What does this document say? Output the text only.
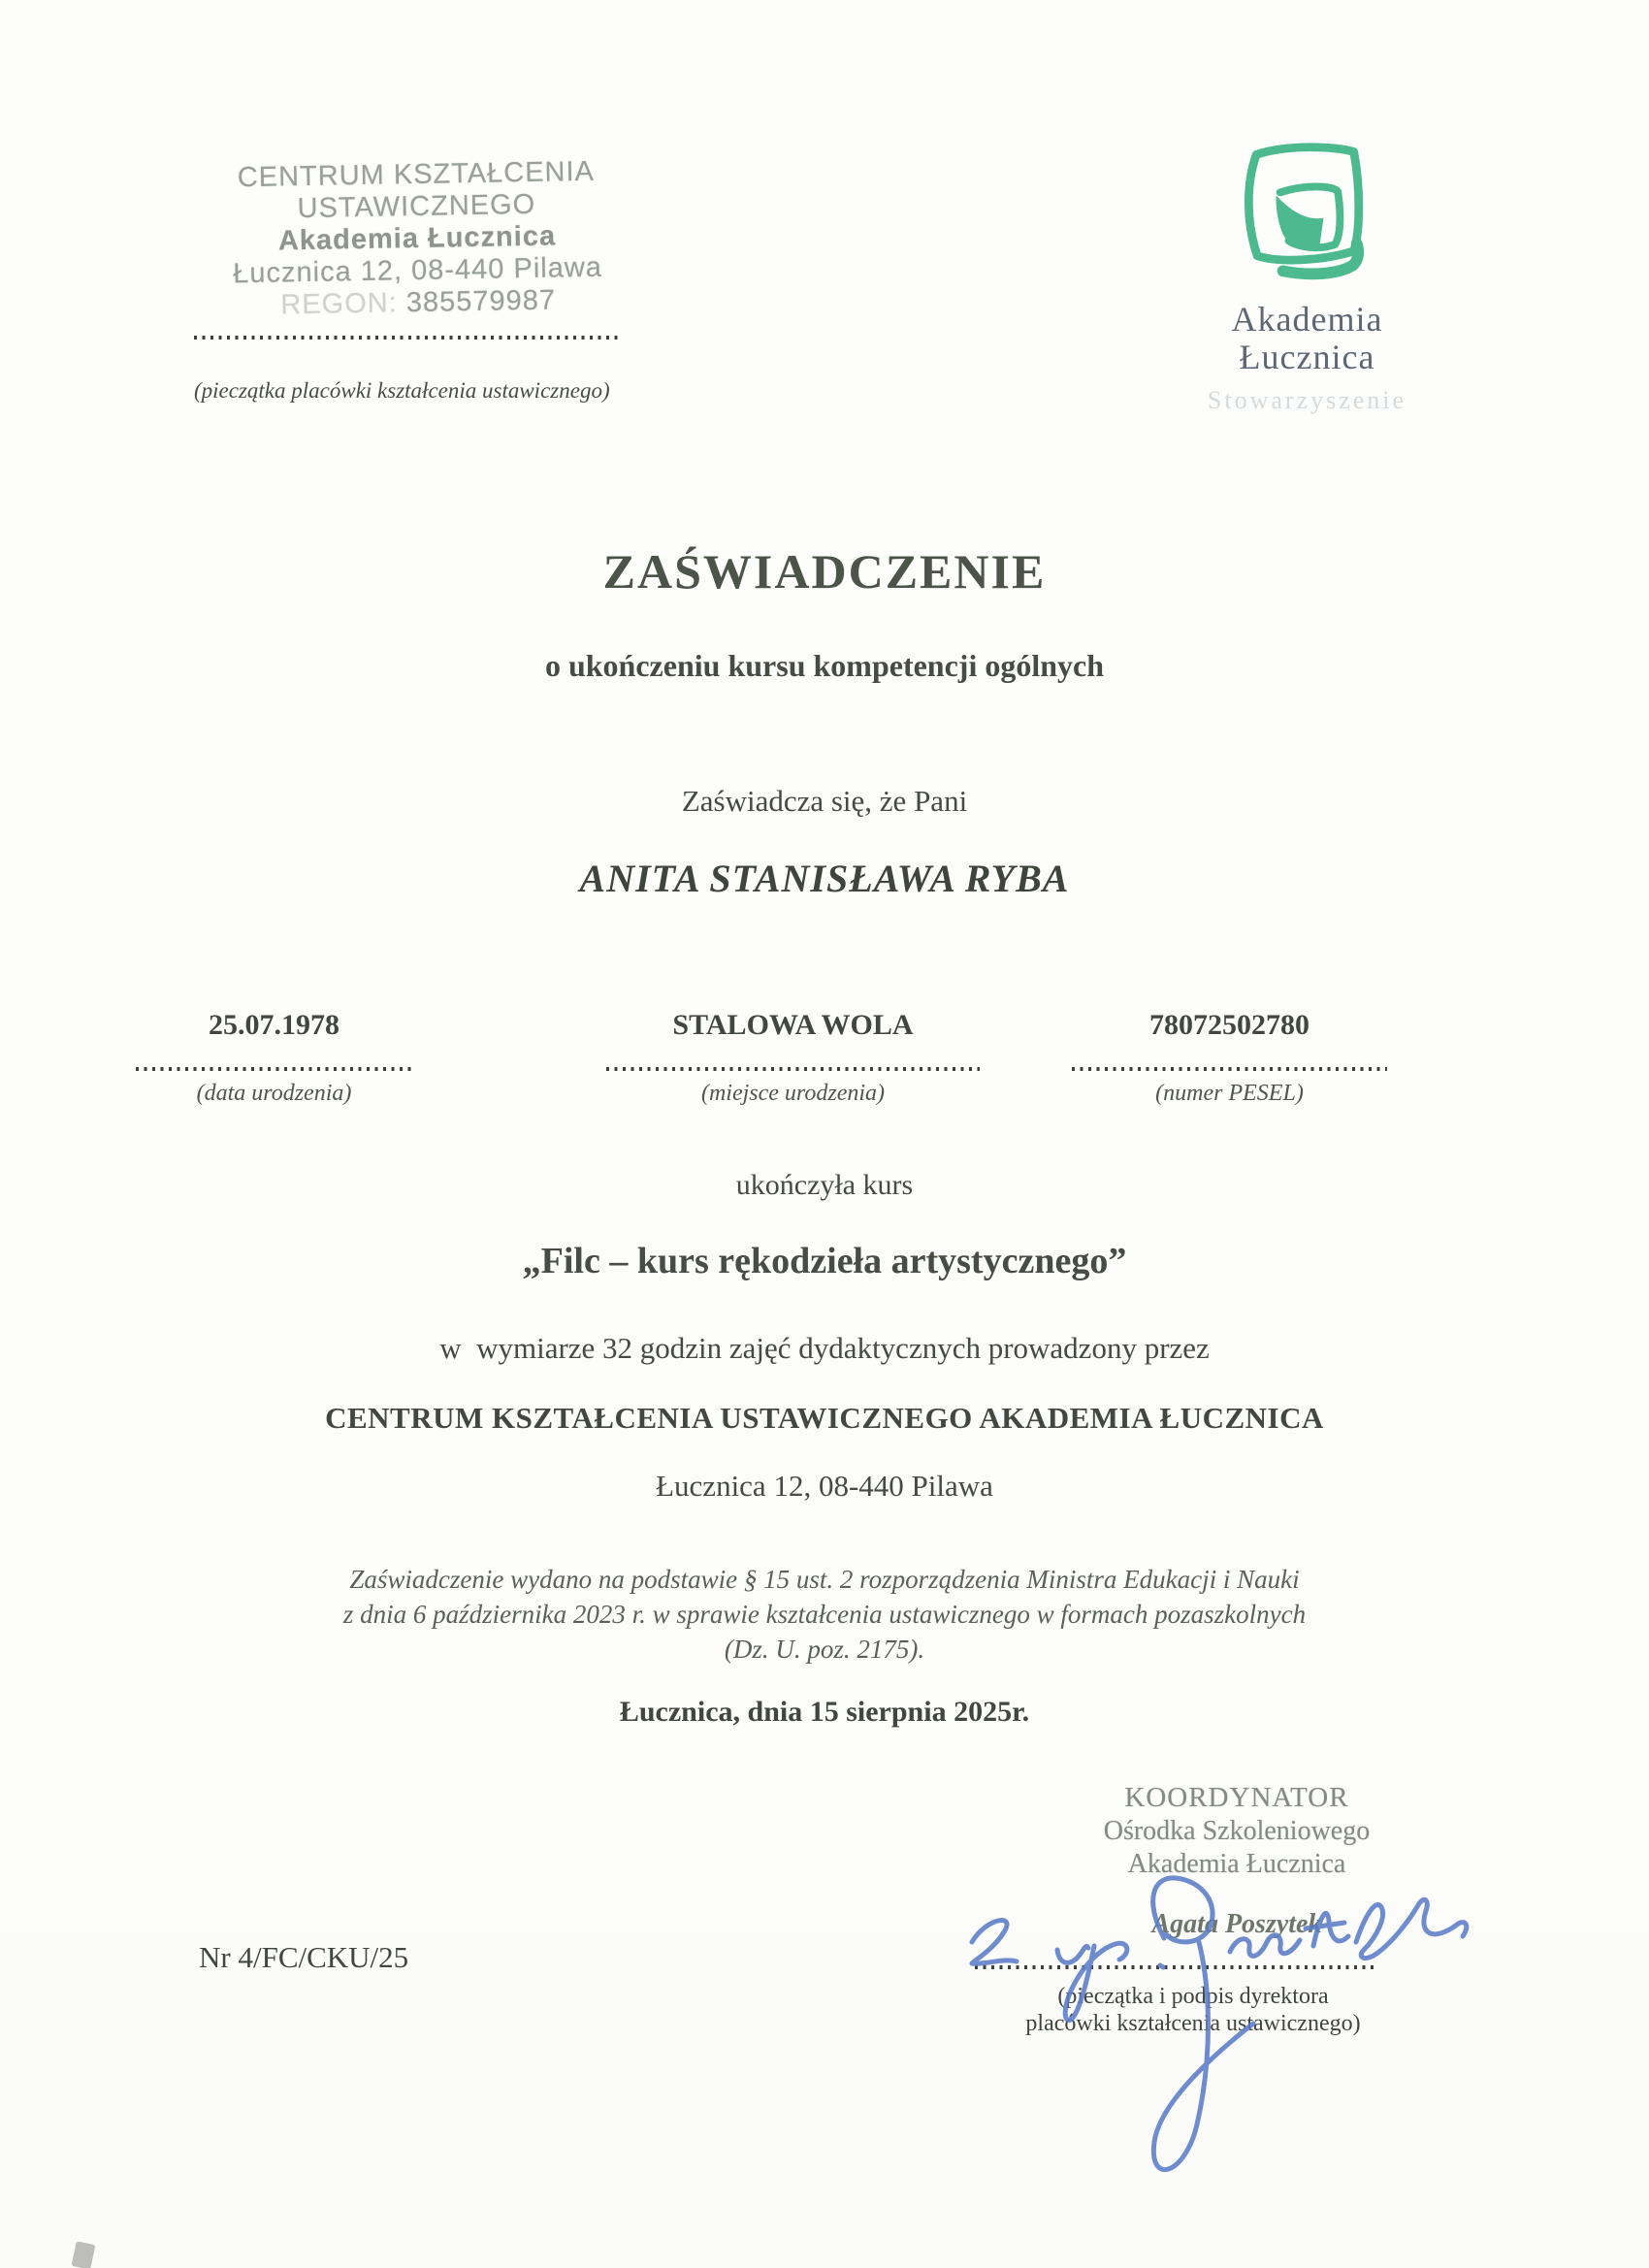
CENTRUM KSZTAŁCENIA
USTAWICZNEGO
Akademia Łucznica
Łucznica 12, 08-440 Pilawa
REGON: 385579987
(pieczątka placówki kształcenia ustawicznego)
Akademia
Łucznica
Stowarzyszenie
ZAŚWIADCZENIE
o ukończeniu kursu kompetencji ogólnych
Zaświadcza się, że Pani
ANITA STANISŁAWA RYBA
25.07.1978
(data urodzenia)
STALOWA WOLA
(miejsce urodzenia)
78072502780
(numer PESEL)
ukończyła kurs
„Filc – kurs rękodzieła artystycznego”
w  wymiarze 32 godzin zajęć dydaktycznych prowadzony przez
CENTRUM KSZTAŁCENIA USTAWICZNEGO AKADEMIA ŁUCZNICA
Łucznica 12, 08-440 Pilawa
Zaświadczenie wydano na podstawie § 15 ust. 2 rozporządzenia Ministra Edukacji i Nauki
z dnia 6 października 2023 r. w sprawie kształcenia ustawicznego w formach pozaszkolnych
(Dz. U. poz. 2175).
Łucznica, dnia 15 sierpnia 2025r.
KOORDYNATOR
Ośrodka Szkoleniowego
Akademia Łucznica
Agata Poszytek
(pieczątka i podpis dyrektora
placówki kształcenia ustawicznego)
Nr 4/FC/CKU/25
